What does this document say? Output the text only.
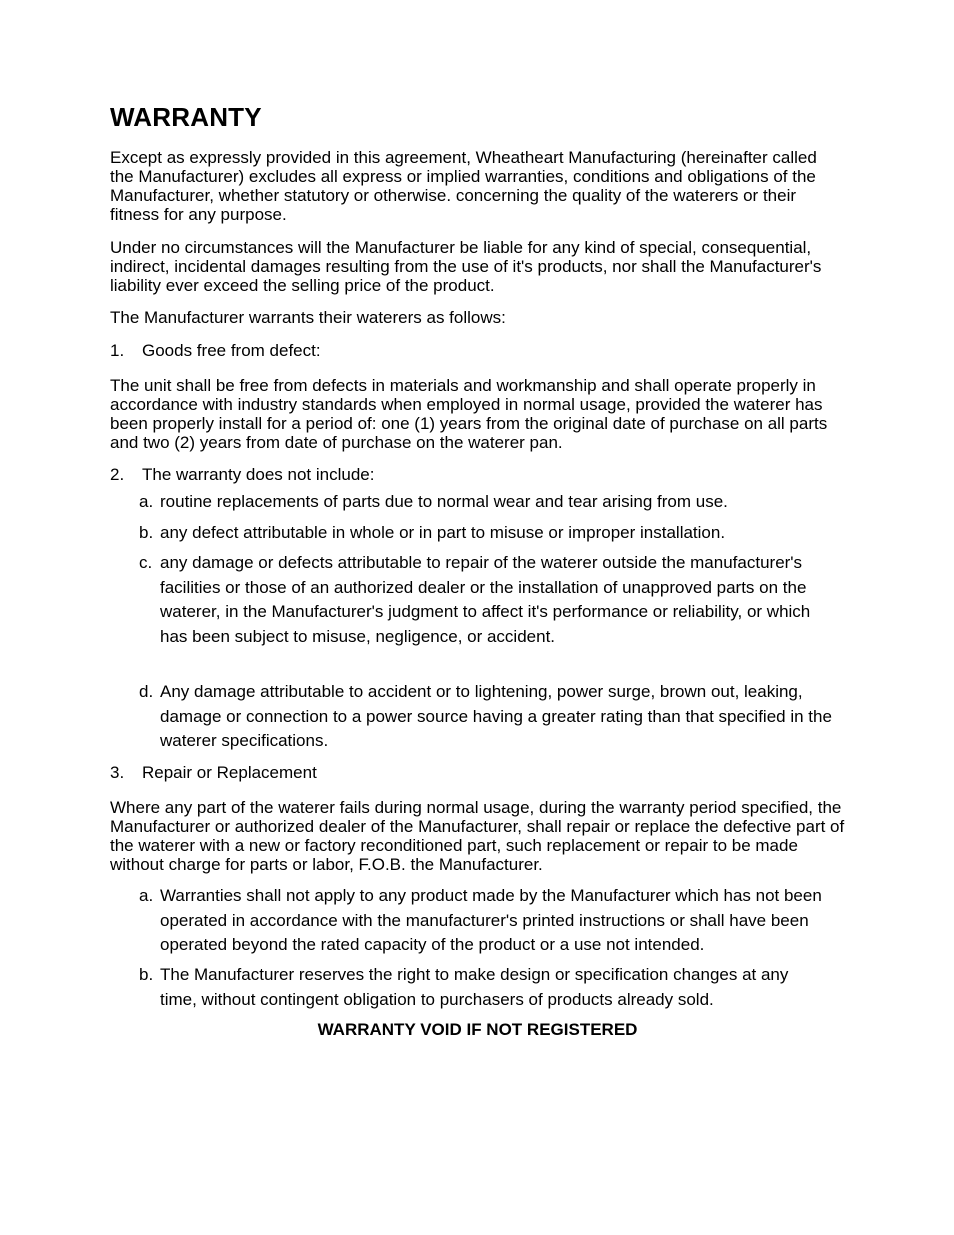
WARRANTY

Except as expressly provided in this agreement, Wheatheart Manufacturing (hereinafter called the Manufacturer) excludes all express or implied warranties, conditions and obligations of the Manufacturer, whether statutory or otherwise. concerning the quality of the waterers or their fitness for any purpose.

Under no circumstances will the Manufacturer be liable for any kind of special, consequential, indirect, incidental damages resulting from the use of it's products, nor shall the Manufacturer's liability ever exceed the selling price of the product.

The Manufacturer warrants their waterers as follows:

1. Goods free from defect:

The unit shall be free from defects in materials and workmanship and shall operate properly in accordance with industry standards when employed in normal usage, provided the waterer has been properly install for a period of: one (1) years from the original date of purchase on all parts and two (2) years from date of purchase on the waterer pan.

2. The warranty does not include:

a. routine replacements of parts due to normal wear and tear arising from use.
b. any defect attributable in whole or in part to misuse or improper installation.
c. any damage or defects attributable to repair of the waterer outside the manufacturer's facilities or those of an authorized dealer or the installation of unapproved parts on the waterer, in the Manufacturer's judgment to affect it's performance or reliability, or which has been subject to misuse, negligence, or accident.
d. Any damage attributable to accident or to lightening, power surge, brown out, leaking, damage or connection to a power source having a greater rating than that specified in the waterer specifications.

3. Repair or Replacement

Where any part of the waterer fails during normal usage, during the warranty period specified, the Manufacturer or authorized dealer of the Manufacturer, shall repair or replace the defective part of the waterer with a new or factory reconditioned part, such replacement or repair to be made without charge for parts or labor, F.O.B. the Manufacturer.

a. Warranties shall not apply to any product made by the Manufacturer which has not been operated in accordance with the manufacturer's printed instructions or shall have been operated beyond the rated capacity of the product or a use not intended.
b. The Manufacturer reserves the right to make design or specification changes at any time, without contingent obligation to purchasers of products already sold.

WARRANTY VOID IF NOT REGISTERED
